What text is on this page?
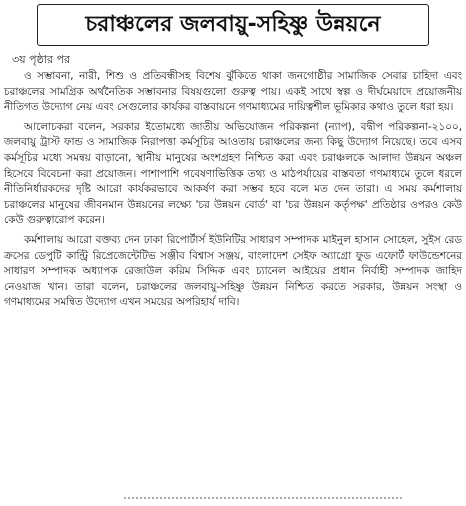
চরাঞ্চলের জলবায়ু-সহিষ্ণু উন্নয়নে
৩য় পৃষ্ঠার পর

ও সম্ভাবনা, নারী, শিশু ও প্রতিবন্ধীসহ বিশেষ ঝুঁকিতে থাকা জনগোষ্ঠীর সামাজিক সেবার চাহিদা এবং চরাঞ্চলের সামগ্রিক অর্থনৈতিক সম্ভাবনার বিষয়গুলো গুরুত্ব পায়। একই সাথে স্বল্প ও দীর্ঘমেয়াদে প্রয়োজনীয় নীতিগত উদ্যোগ নেয় এবং সেগুলোর কার্যকর বাস্তবায়নে গণমাধ্যমের দায়িত্বশীল ভূমিকার কথাও তুলে ধরা হয়।

আলোচকরা বলেন, সরকার ইতোমধ্যে জাতীয় অভিযোজন পরিকল্পনা (ন্যাপ), বদ্বীপ পরিকল্পনা-২১০০, জলবায়ু ট্রাস্ট ফান্ড ও সামাজিক নিরাপত্তা কর্মসূচির আওতায় চরাঞ্চলের জন্য কিছু উদ্যোগ নিয়েছে। তবে এসব কর্মসূচির মধ্যে সমন্বয় বাড়ানো, স্থানীয় মানুষের অংশগ্রহণ নিশ্চিত করা এবং চরাঞ্চলকে আলাদা উন্নয়ন অঞ্চল হিসেবে বিবেচনা করা প্রয়োজন। পাশাপাশি গবেষণাভিত্তিক তথ্য ও মাঠপর্যায়ের বাস্তবতা গণমাধ্যমে তুলে ধরলে নীতিনির্ধারকদের দৃষ্টি আরো কার্যকরভাবে আকর্ষণ করা সম্ভব হবে বলে মত দেন তারা। এ সময় কর্মশালায় চরাঞ্চলের মানুষের জীবনমান উন্নয়নের লক্ষ্যে 'চর উন্নয়ন বোর্ড' বা 'চর উন্নয়ন কর্তৃপক্ষ' প্রতিষ্ঠার ওপরও কেউ কেউ গুরুত্বারোপ করেন।

কর্মশালায় আরো বক্তব্য দেন ঢাকা রিপোর্টার্স ইউনিটির সাধারণ সম্পাদক মাইনুল হাসান সোহেল, সুইস রেড ক্রসের ডেপুটি কান্ট্রি রিপ্রেজেন্টেটিভ সঞ্জীব বিশ্বাস সঞ্জয়, বাংলাদেশ সেইফ অ্যাগ্রো ফুড এফোর্ট ফাউন্ডেশনের সাধারণ সম্পাদক অধ্যাপক রেজাউল করিম সিদ্দিক এবং চ্যানেল আইয়ের প্রধান নির্বাহী সম্পাদক জাহিদ নেওয়াজ খান। তারা বলেন, চরাঞ্চলের জলবায়ু-সহিষ্ণু উন্নয়ন নিশ্চিত করতে সরকার, উন্নয়ন সংস্থা ও গণমাধ্যমের সমন্বিত উদ্যোগ এখন সময়ের অপরিহার্য দাবি।
